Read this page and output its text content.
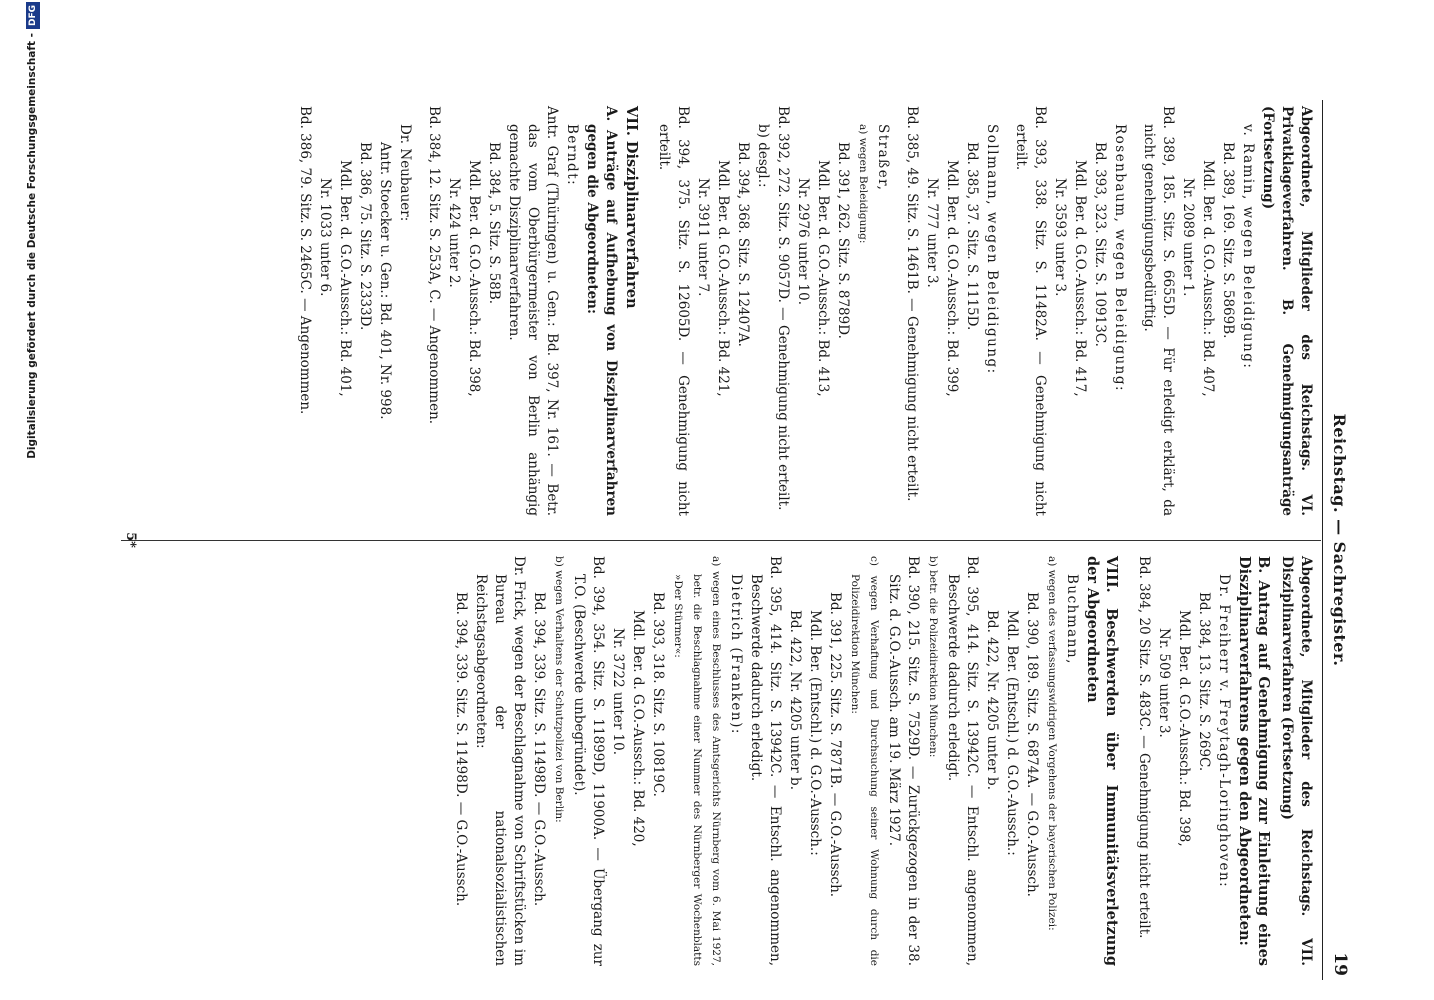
Digitalisierung gefördert durch die Deutsche Forschungsgemeinschaft -DFG
Reichstag. — Sachregister.
19
Abgeordnete, Mitglieder des Reichstags. VI. Privatklageverfahren. B. Genehmigungsanträge (Fortsetzung)
v. Ramin, wegen Beleidigung:
Bd. 389, 169. Sitz. S. 5869B.
Mdl. Ber. d. G.O.-Aussch.: Bd. 407,
Nr. 2089 unter 1.
Bd. 389, 185. Sitz. S. 6655D. — Für erledigt erklärt, da nicht genehmigungsbedürftig.
Rosenbaum, wegen Beleidigung:
Bd. 393, 323. Sitz. S. 10913C.
Mdl. Ber. d. G.O.-Aussch.: Bd. 417,
Nr. 3593 unter 3.
Bd. 393, 338. Sitz. S. 11482A. — Genehmigung nicht erteilt.
Sollmann, wegen Beleidigung:
Bd. 385, 37. Sitz. S. 1115D.
Mdl. Ber. d. G.O.-Aussch.: Bd. 399,
Nr. 777 unter 3.
Bd. 385, 49. Sitz. S. 1461B. — Genehmigung nicht erteilt.
Straßer,
a) wegen Beleidigung:
Bd. 391, 262. Sitz. S. 8789D.
Mdl. Ber. d. G.O.-Aussch.: Bd. 413,
Nr. 2976 unter 10.
Bd. 392, 272. Sitz. S. 9057D. — Genehmigung nicht erteilt.
b) desgl.:
Bd. 394, 368. Sitz. S. 12407A.
Mdl. Ber. d. G.O.-Aussch.: Bd. 421,
Nr. 3911 unter 7.
Bd. 394, 375. Sitz. S. 12605D. — Genehmigung nicht erteilt.
VII. Disziplinarverfahren
A. Anträge auf Aufhebung von Disziplinarverfahren gegen die Abgeordneten:
Berndt:
Antr. Graf (Thüringen) u. Gen.: Bd. 397, Nr. 161. — Betr. das vom Oberbürgermeister von Berlin anhängig gemachte Disziplinarverfahren.
Bd. 384, 5. Sitz. S. 58B.
Mdl. Ber. d. G.O.-Aussch.: Bd. 398,
Nr. 424 unter 2.
Bd. 384, 12. Sitz. S. 253A, C. — Angenommen.
Dr. Neubauer:
Antr. Stoecker u. Gen.: Bd. 401, Nr. 998.
Bd. 386, 75. Sitz. S. 2333D.
Mdl. Ber. d. G.O.-Aussch.: Bd. 401,
Nr. 1033 unter 6.
Bd. 386, 79. Sitz. S. 2465C. — Angenommen.
Abgeordnete, Mitglieder des Reichstags. VII. Disziplinarverfahren (Fortsetzung)
B. Antrag auf Genehmigung zur Einleitung eines Disziplinarverfahrens gegen den Abgeordneten:
Dr. Freiherr v. Freytagh-Loringhoven:
Bd. 384, 13. Sitz. S. 269C.
Mdl. Ber. d. G.O.-Aussch.: Bd. 398,
Nr. 509 unter 3.
Bd. 384, 20 Sitz. S. 483C. — Genehmigung nicht erteilt.
VIII. Beschwerden über Immunitätsverletzung der Abgeordneten
Buchmann,
a) wegen des verfassungswidrigen Vorgehens der bayerischen Polizei:
Bd. 390, 189. Sitz. S. 6874A. — G.O.-Aussch.
Mdl. Ber. (Entschl.) d. G.O.-Aussch.:
Bd. 422, Nr. 4205 unter b.
Bd. 395, 414. Sitz. S. 13942C. — Entschl. angenommen, Beschwerde dadurch erledigt.
b) betr. die Polizeidirektion München:
Bd. 390, 215. Sitz. S. 7529D. — Zurückgezogen in der 38. Sitz. d. G.O.-Aussch. am 19. März 1927.
c) wegen Verhaftung und Durchsuchung seiner Wohnung durch die Polizeidirektion München:
Bd. 391, 225. Sitz. S. 7871B. — G.O.-Aussch.
Mdl. Ber. (Entschl.) d. G.O.-Aussch.:
Bd. 422, Nr. 4205 unter b.
Bd. 395, 414. Sitz. S. 13942C. — Entschl. angenommen, Beschwerde dadurch erledigt.
Dietrich (Franken):
a) wegen eines Beschlusses des Amtsgerichts Nürnberg vom 6. Mai 1927, betr. die Beschlagnahme einer Nummer des Nürnberger Wochenblatts »Der Stürmer«:
Bd. 393, 318. Sitz. S. 10819C.
Mdl. Ber. d. G.O.-Aussch.: Bd. 420,
Nr. 3722 unter 10.
Bd. 394, 354. Sitz. S. 11899D, 11900A. — Übergang zur T.O. (Beschwerde unbegründet).
b) wegen Verhaltens der Schutzpolizei von Berlin:
Bd. 394, 339. Sitz. S. 11498D. — G.O.-Aussch.
Dr. Frick, wegen der Beschlagnahme von Schriftstücken im Bureau der nationalsozialistischen Reichstagsabgeordneten:
Bd. 394, 339. Sitz. S. 11498D. — G.O.-Aussch.
5*
